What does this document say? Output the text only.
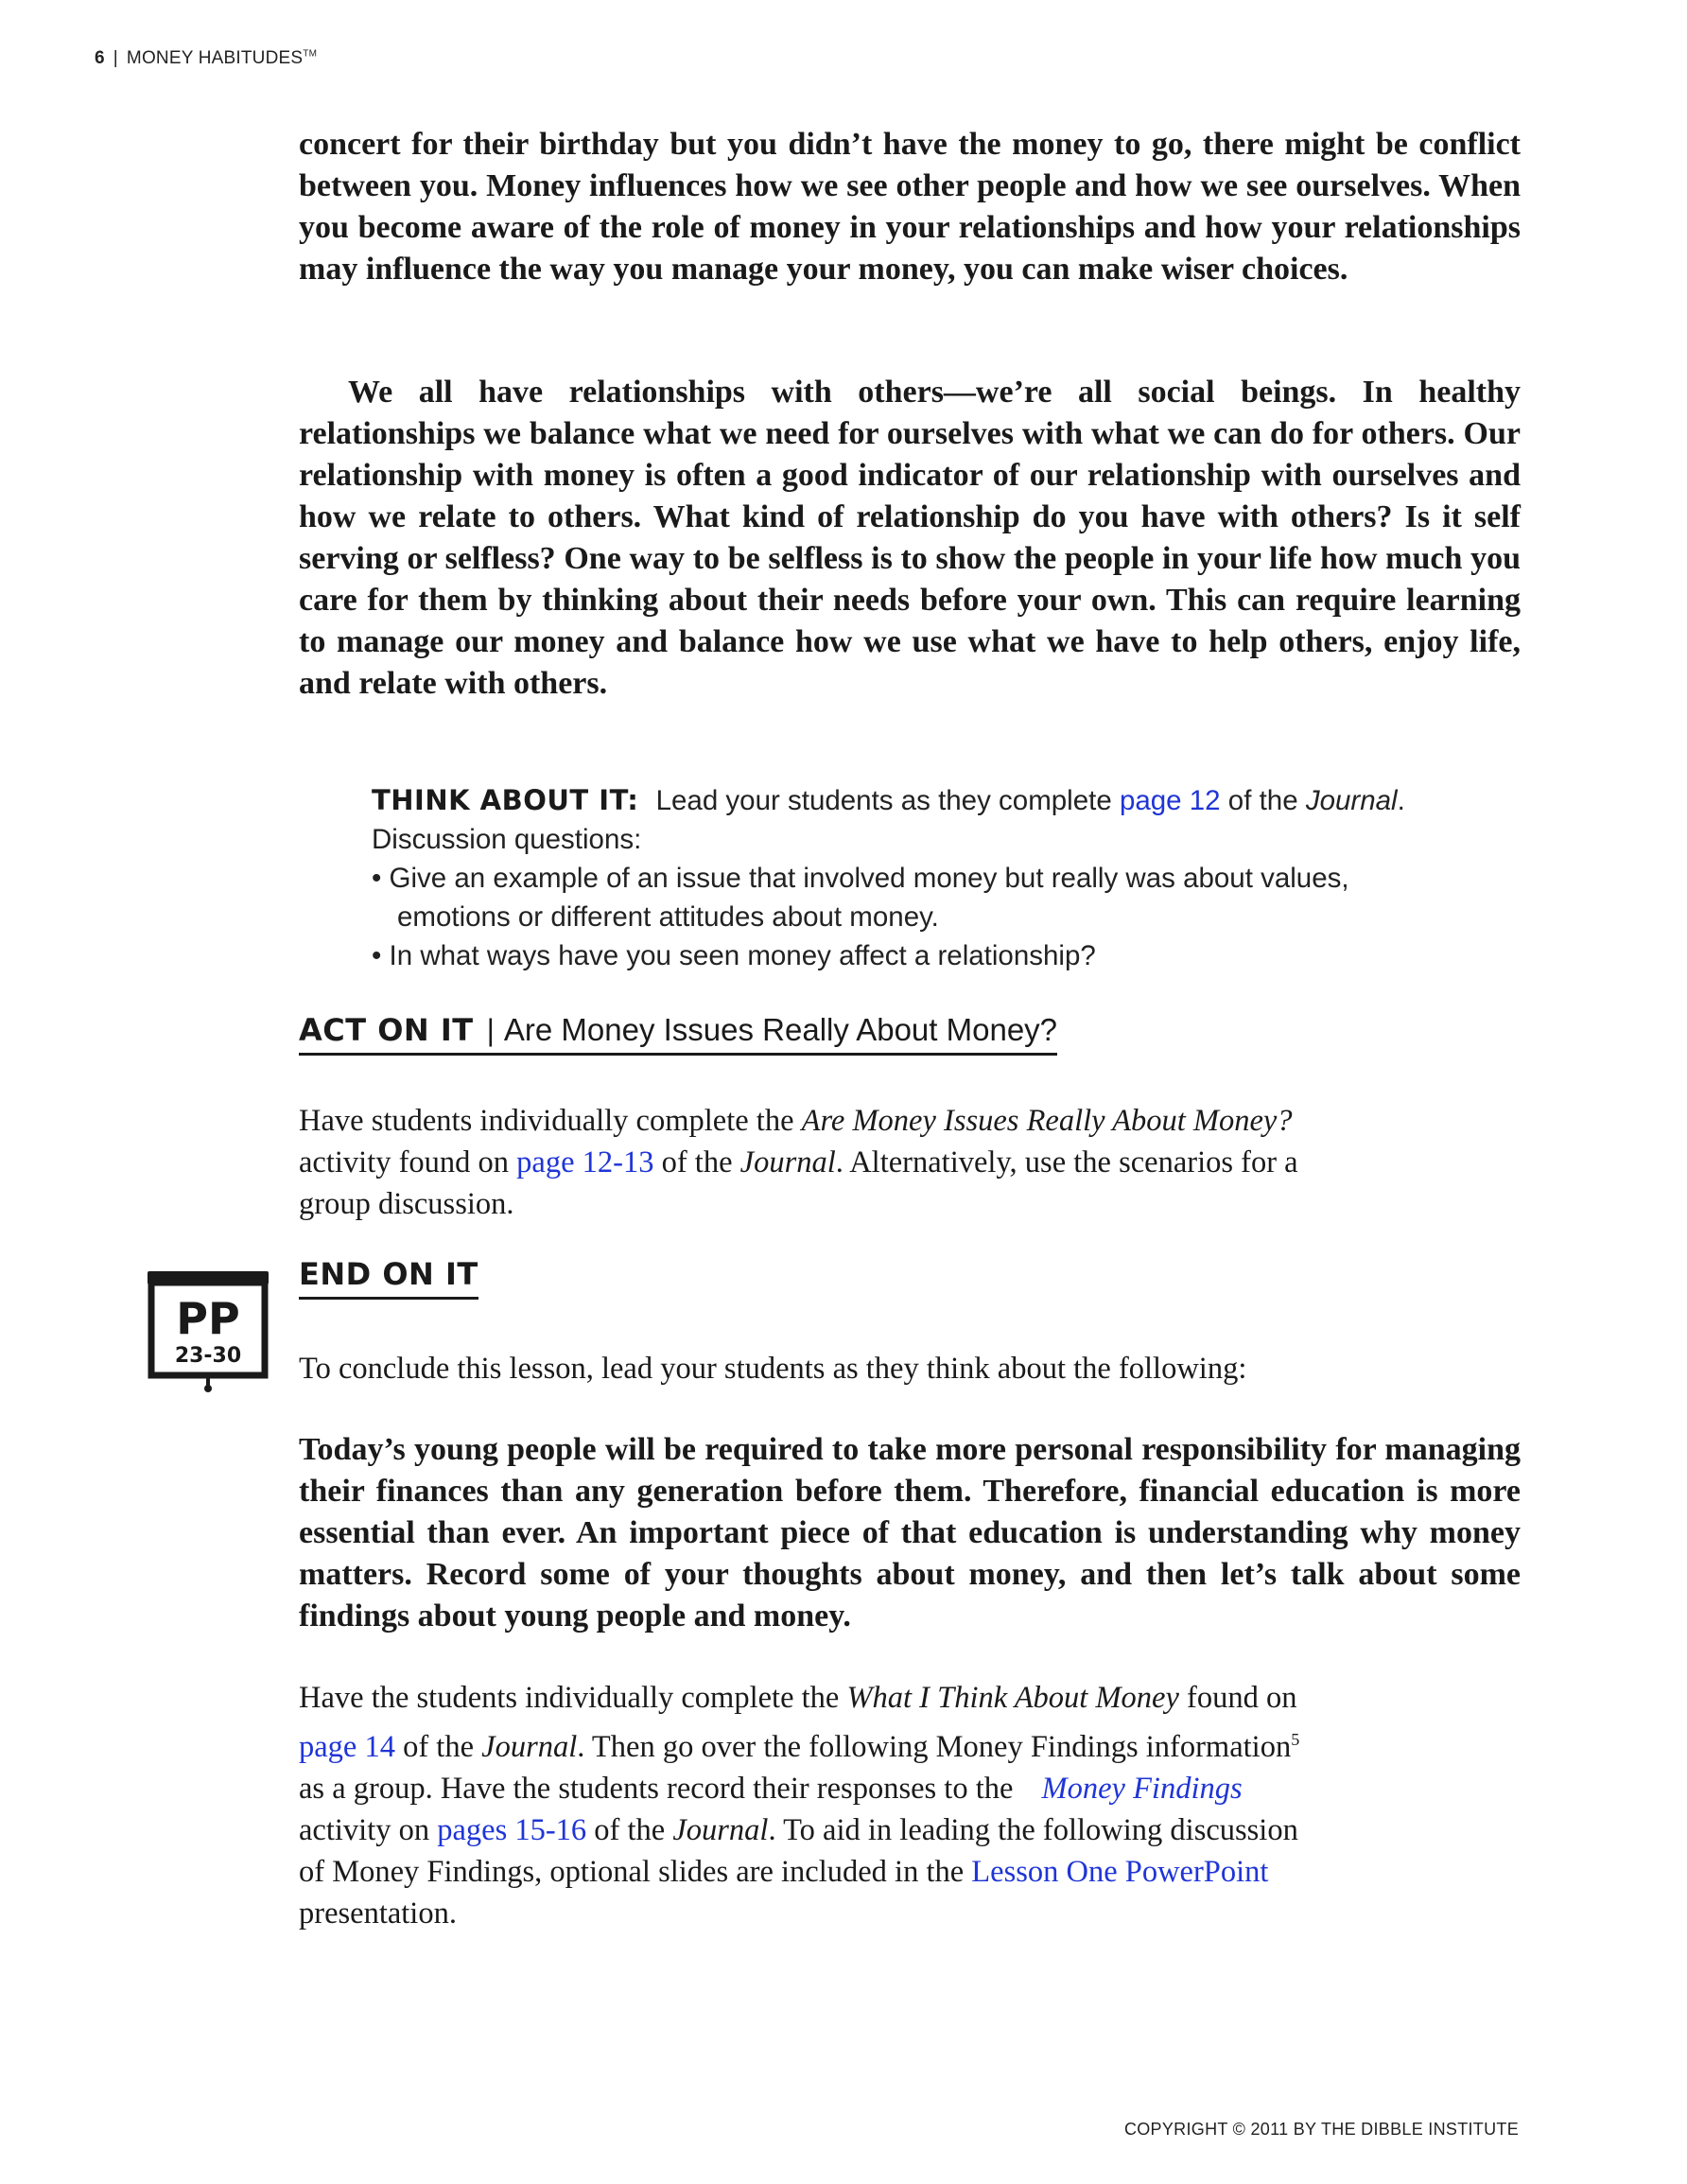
6 | MONEY HABITUDES™

concert for their birthday but you didn’t have the money to go, there might be conflict between you. Money influences how we see other people and how we see ourselves. When you become aware of the role of money in your relationships and how your relationships may influence the way you manage your money, you can make wiser choices.

We all have relationships with others—we’re all social beings. In healthy relationships we balance what we need for ourselves with what we can do for others. Our relationship with money is often a good indicator of our relationship with ourselves and how we relate to others. What kind of relationship do you have with others? Is it self serving or selfless? One way to be selfless is to show the people in your life how much you care for them by thinking about their needs before your own. This can require learning to manage our money and balance how we use what we have to help others, enjoy life, and relate with others.

THINK ABOUT IT: Lead your students as they complete page 12 of the Journal.
Discussion questions:
• Give an example of an issue that involved money but really was about values,
emotions or different attitudes about money.
• In what ways have you seen money affect a relationship?
ACT ON IT | Are Money Issues Really About Money?

Have students individually complete the Are Money Issues Really About Money?

activity found on page 12-13 of the Journal. Alternatively, use the scenarios for a

group discussion.

PP
23-30
END ON IT

To conclude this lesson, lead your students as they think about the following:

Today’s young people will be required to take more personal responsibility for managing their finances than any generation before them. Therefore, financial education is more essential than ever. An important piece of that education is understanding why money matters. Record some of your thoughts about money, and then let’s talk about some findings about young people and money.

Have the students individually complete the What I Think About Money found on

page 14 of the Journal. Then go over the following Money Findings information$^5$

as a group. Have the students record their responses to the Money Findings

activity on pages 15-16 of the Journal. To aid in leading the following discussion

of Money Findings, optional slides are included in the Lesson One PowerPoint

presentation.

COPYRIGHT © 2011 BY THE DIBBLE INSTITUTE
